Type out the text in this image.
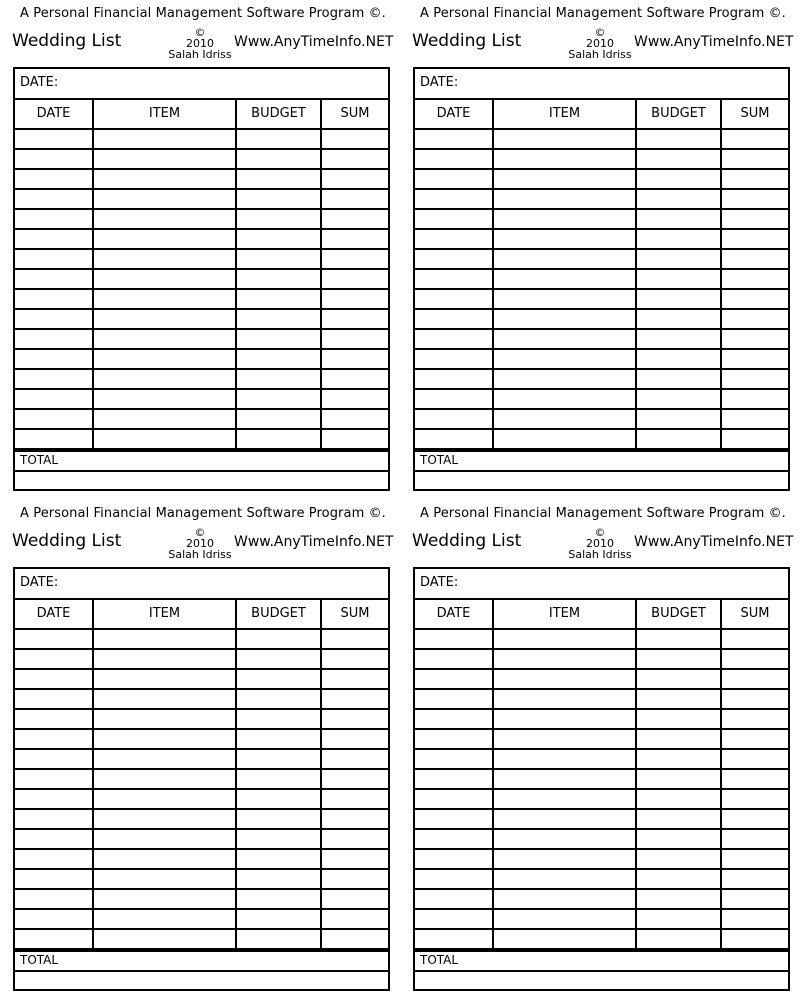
A Personal Financial Management Software Program ©.
Wedding List	©
2010
Salah Idriss
Www.AnyTimeInfo.NET
DATE:
DATE	ITEM	BUDGET	SUM
TOTAL
A Personal Financial Management Software Program ©.
Wedding List	©
2010
Salah Idriss
Www.AnyTimeInfo.NET
DATE:
DATE	ITEM	BUDGET	SUM
TOTAL
A Personal Financial Management Software Program ©.
Wedding List	©
2010
Salah Idriss
Www.AnyTimeInfo.NET
DATE:
DATE	ITEM	BUDGET	SUM
TOTAL
A Personal Financial Management Software Program ©.
Wedding List	©
2010
Salah Idriss
Www.AnyTimeInfo.NET
DATE:
DATE	ITEM	BUDGET	SUM
TOTAL
